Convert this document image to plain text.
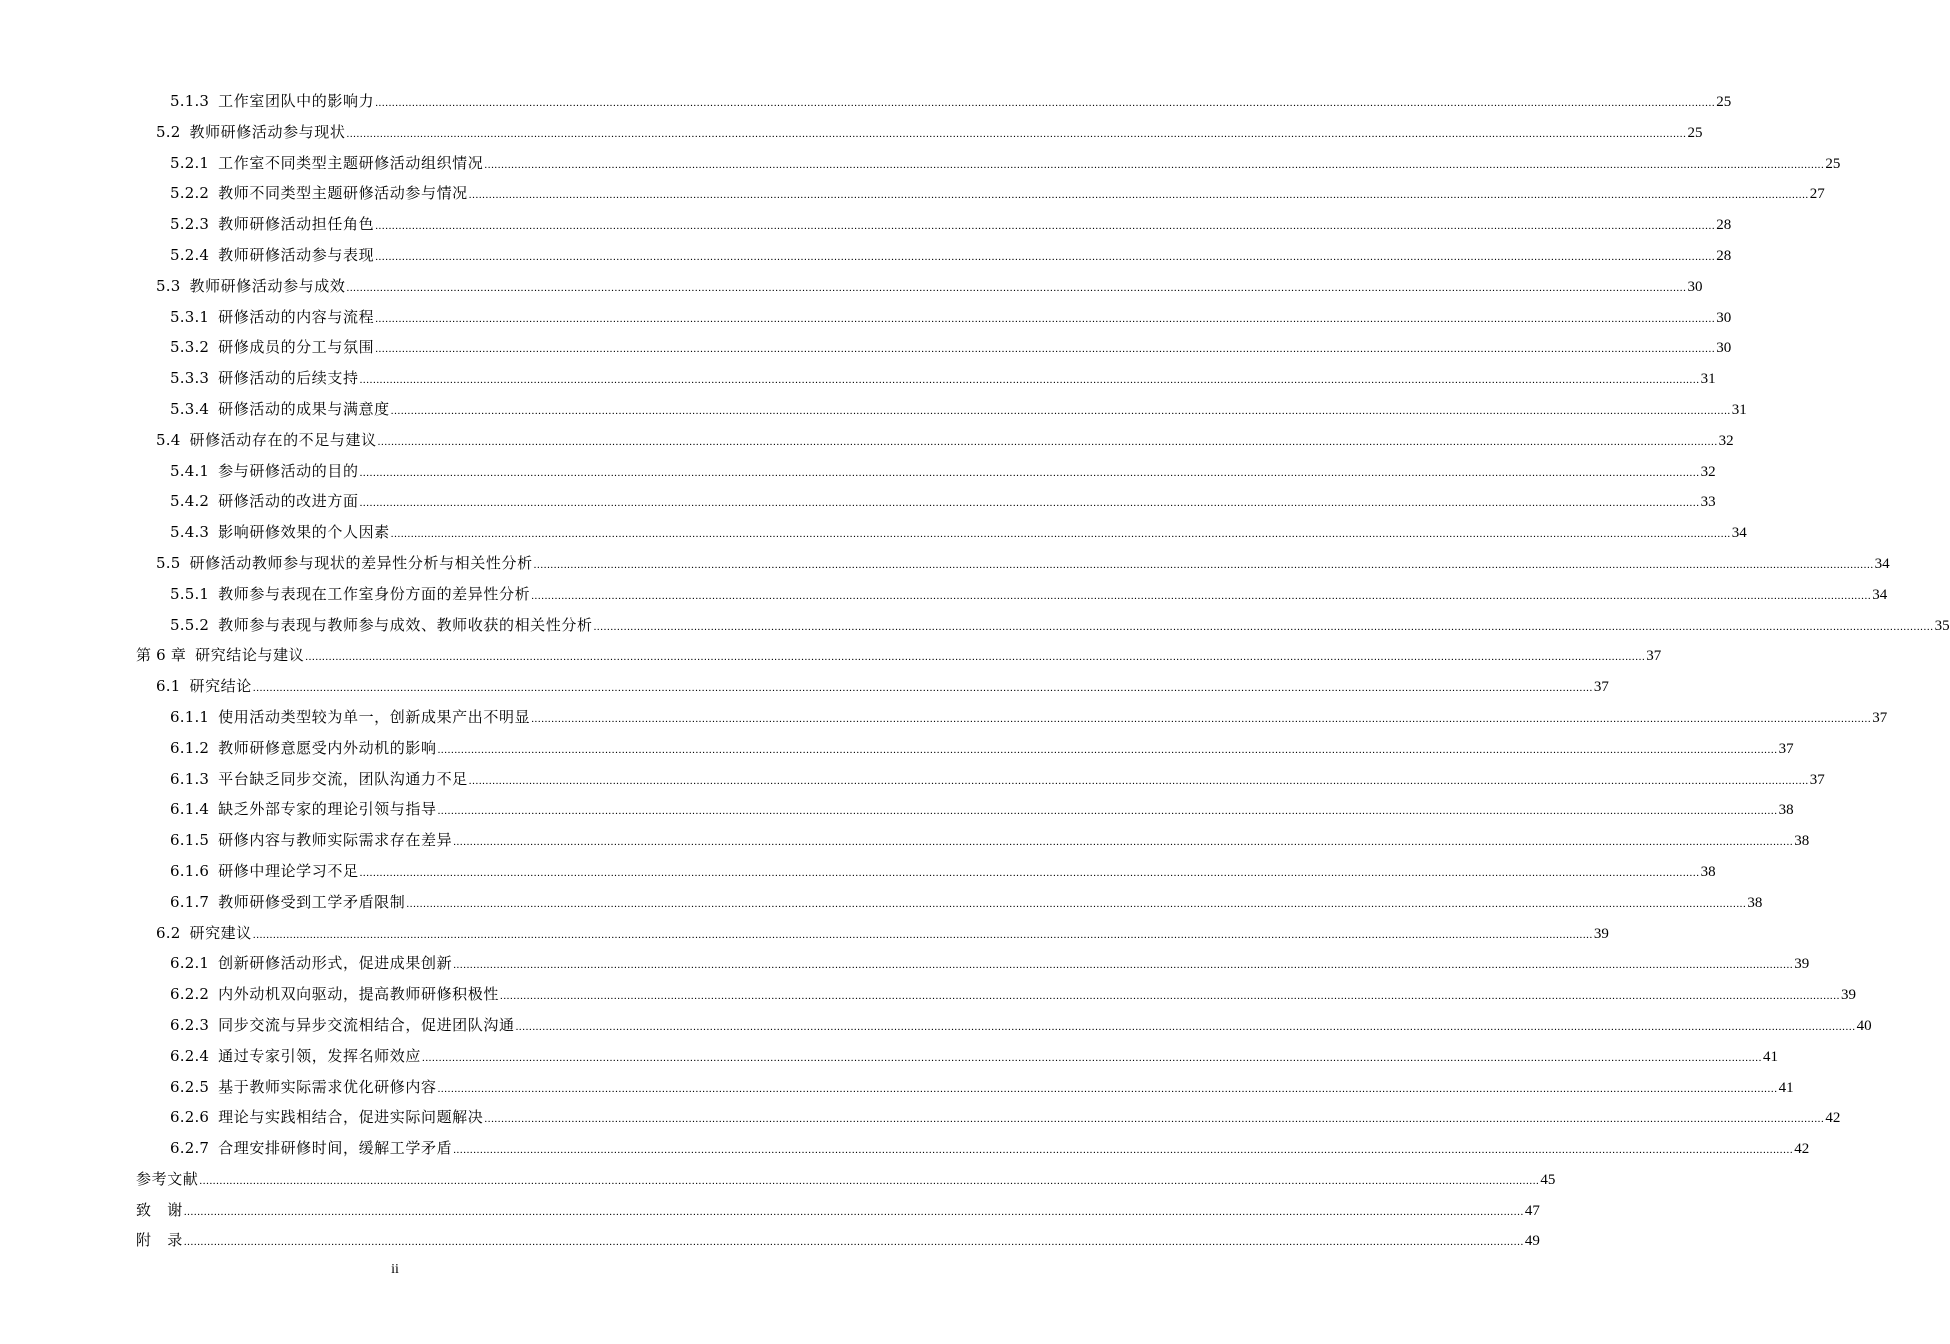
5.1.3 工作室团队中的影响力 ................................................................................................................................................................................................................................................................................................................................................................................................................ 25
5.2 教师研修活动参与现状 ................................................................................................................................................................................................................................................................................................................................................................................................................ 25
5.2.1 工作室不同类型主题研修活动组织情况 ................................................................................................................................................................................................................................................................................................................................................................................................................ 25
5.2.2 教师不同类型主题研修活动参与情况 ................................................................................................................................................................................................................................................................................................................................................................................................................ 27
5.2.3 教师研修活动担任角色 ................................................................................................................................................................................................................................................................................................................................................................................................................ 28
5.2.4 教师研修活动参与表现 ................................................................................................................................................................................................................................................................................................................................................................................................................ 28
5.3 教师研修活动参与成效 ................................................................................................................................................................................................................................................................................................................................................................................................................ 30
5.3.1 研修活动的内容与流程 ................................................................................................................................................................................................................................................................................................................................................................................................................ 30
5.3.2 研修成员的分工与氛围 ................................................................................................................................................................................................................................................................................................................................................................................................................ 30
5.3.3 研修活动的后续支持 ................................................................................................................................................................................................................................................................................................................................................................................................................ 31
5.3.4 研修活动的成果与满意度 ................................................................................................................................................................................................................................................................................................................................................................................................................ 31
5.4 研修活动存在的不足与建议 ................................................................................................................................................................................................................................................................................................................................................................................................................ 32
5.4.1 参与研修活动的目的 ................................................................................................................................................................................................................................................................................................................................................................................................................ 32
5.4.2 研修活动的改进方面 ................................................................................................................................................................................................................................................................................................................................................................................................................ 33
5.4.3 影响研修效果的个人因素 ................................................................................................................................................................................................................................................................................................................................................................................................................ 34
5.5 研修活动教师参与现状的差异性分析与相关性分析 ................................................................................................................................................................................................................................................................................................................................................................................................................ 34
5.5.1 教师参与表现在工作室身份方面的差异性分析 ................................................................................................................................................................................................................................................................................................................................................................................................................ 34
5.5.2 教师参与表现与教师参与成效、教师收获的相关性分析 ................................................................................................................................................................................................................................................................................................................................................................................................................ 35
第 6 章 研究结论与建议 ................................................................................................................................................................................................................................................................................................................................................................................................................ 37
6.1 研究结论 ................................................................................................................................................................................................................................................................................................................................................................................................................ 37
6.1.1 使用活动类型较为单一，创新成果产出不明显 ................................................................................................................................................................................................................................................................................................................................................................................................................ 37
6.1.2 教师研修意愿受内外动机的影响 ................................................................................................................................................................................................................................................................................................................................................................................................................ 37
6.1.3 平台缺乏同步交流，团队沟通力不足 ................................................................................................................................................................................................................................................................................................................................................................................................................ 37
6.1.4 缺乏外部专家的理论引领与指导 ................................................................................................................................................................................................................................................................................................................................................................................................................ 38
6.1.5 研修内容与教师实际需求存在差异 ................................................................................................................................................................................................................................................................................................................................................................................................................ 38
6.1.6 研修中理论学习不足 ................................................................................................................................................................................................................................................................................................................................................................................................................ 38
6.1.7 教师研修受到工学矛盾限制 ................................................................................................................................................................................................................................................................................................................................................................................................................ 38
6.2 研究建议 ................................................................................................................................................................................................................................................................................................................................................................................................................ 39
6.2.1 创新研修活动形式，促进成果创新 ................................................................................................................................................................................................................................................................................................................................................................................................................ 39
6.2.2 内外动机双向驱动，提高教师研修积极性 ................................................................................................................................................................................................................................................................................................................................................................................................................ 39
6.2.3 同步交流与异步交流相结合，促进团队沟通 ................................................................................................................................................................................................................................................................................................................................................................................................................ 40
6.2.4 通过专家引领，发挥名师效应 ................................................................................................................................................................................................................................................................................................................................................................................................................ 41
6.2.5 基于教师实际需求优化研修内容 ................................................................................................................................................................................................................................................................................................................................................................................................................ 41
6.2.6 理论与实践相结合，促进实际问题解决 ................................................................................................................................................................................................................................................................................................................................................................................................................ 42
6.2.7 合理安排研修时间，缓解工学矛盾 ................................................................................................................................................................................................................................................................................................................................................................................................................ 42
参考文献 ................................................................................................................................................................................................................................................................................................................................................................................................................ 45
致　谢 ................................................................................................................................................................................................................................................................................................................................................................................................................ 47
附　录 ................................................................................................................................................................................................................................................................................................................................................................................................................ 49
ii
